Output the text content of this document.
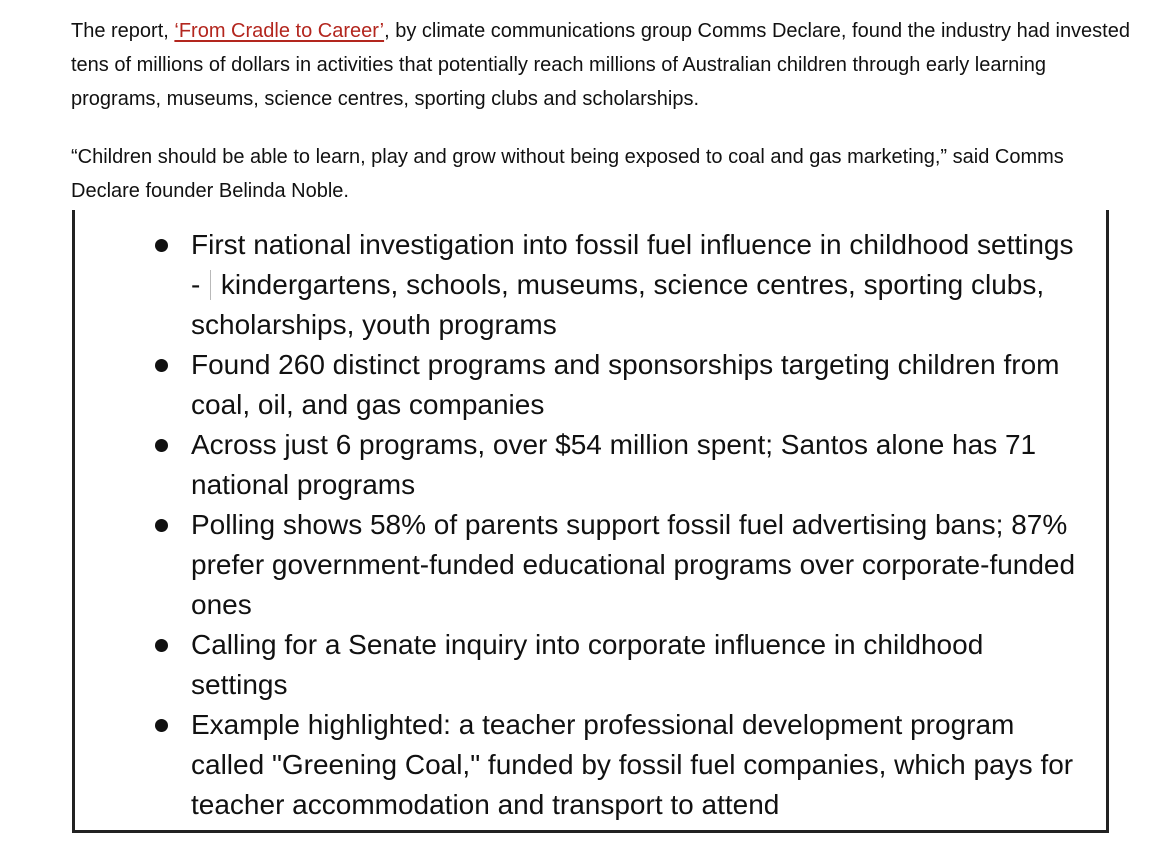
The report, ‘From Cradle to Career’, by climate communications group Comms Declare, found the industry had invested tens of millions of dollars in activities that potentially reach millions of Australian children through early learning programs, museums, science centres, sporting clubs and scholarships.

“Children should be able to learn, play and grow without being exposed to coal and gas marketing,” said Comms Declare founder Belinda Noble.

First national investigation into fossil fuel influence in childhood settings - kindergartens, schools, museums, science centres, sporting clubs, scholarships, youth programs
Found 260 distinct programs and sponsorships targeting children from coal, oil, and gas companies
Across just 6 programs, over $54 million spent; Santos alone has 71 national programs
Polling shows 58% of parents support fossil fuel advertising bans; 87% prefer government-funded educational programs over corporate-funded ones
Calling for a Senate inquiry into corporate influence in childhood settings
Example highlighted: a teacher professional development program called "Greening Coal," funded by fossil fuel companies, which pays for teacher accommodation and transport to attend
